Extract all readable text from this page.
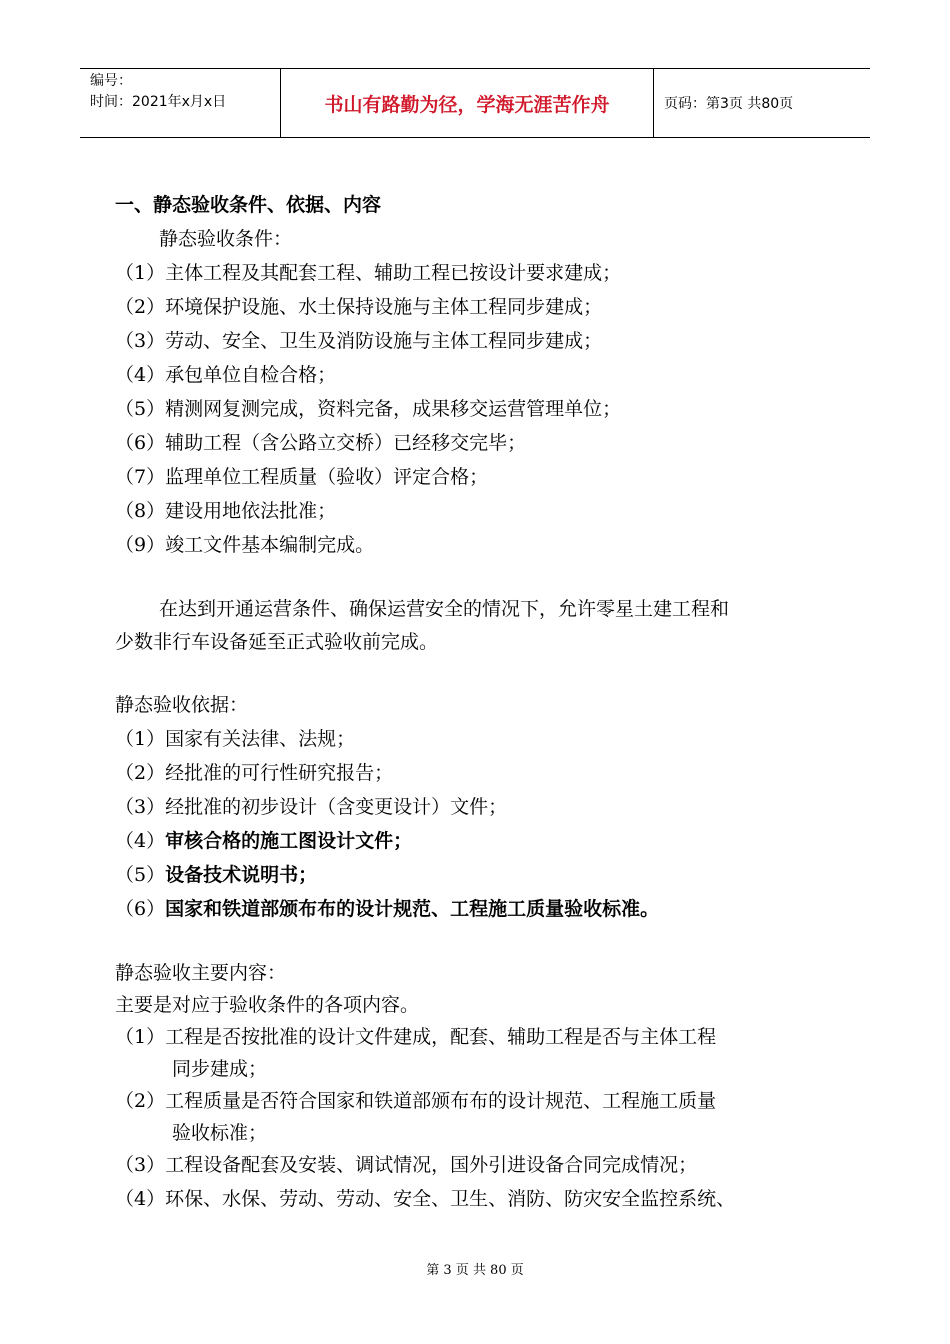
编号：
时间：2021年x月x日	书山有路勤为径，学海无涯苦作舟	页码：第3页 共80页
一、静态验收条件、依据、内容
静态验收条件：
（1）主体工程及其配套工程、辅助工程已按设计要求建成；
（2）环境保护设施、水土保持设施与主体工程同步建成；
（3）劳动、安全、卫生及消防设施与主体工程同步建成；
（4）承包单位自检合格；
（5）精测网复测完成，资料完备，成果移交运营管理单位；
（6）辅助工程（含公路立交桥）已经移交完毕；
（7）监理单位工程质量（验收）评定合格；
（8）建设用地依法批准；
（9）竣工文件基本编制完成。
在达到开通运营条件、确保运营安全的情况下，允许零星土建工程和
少数非行车设备延至正式验收前完成。
静态验收依据：
（1）国家有关法律、法规；
（2）经批准的可行性研究报告；
（3）经批准的初步设计（含变更设计）文件；
（4）审核合格的施工图设计文件；
（5）设备技术说明书；
（6）国家和铁道部颁布布的设计规范、工程施工质量验收标准。
静态验收主要内容：
主要是对应于验收条件的各项内容。
（1）工程是否按批准的设计文件建成，配套、辅助工程是否与主体工程
同步建成；
（2）工程质量是否符合国家和铁道部颁布布的设计规范、工程施工质量
验收标准；
（3）工程设备配套及安装、调试情况，国外引进设备合同完成情况；
（4）环保、水保、劳动、劳动、安全、卫生、消防、防灾安全监控系统、
第 3 页 共 80 页
